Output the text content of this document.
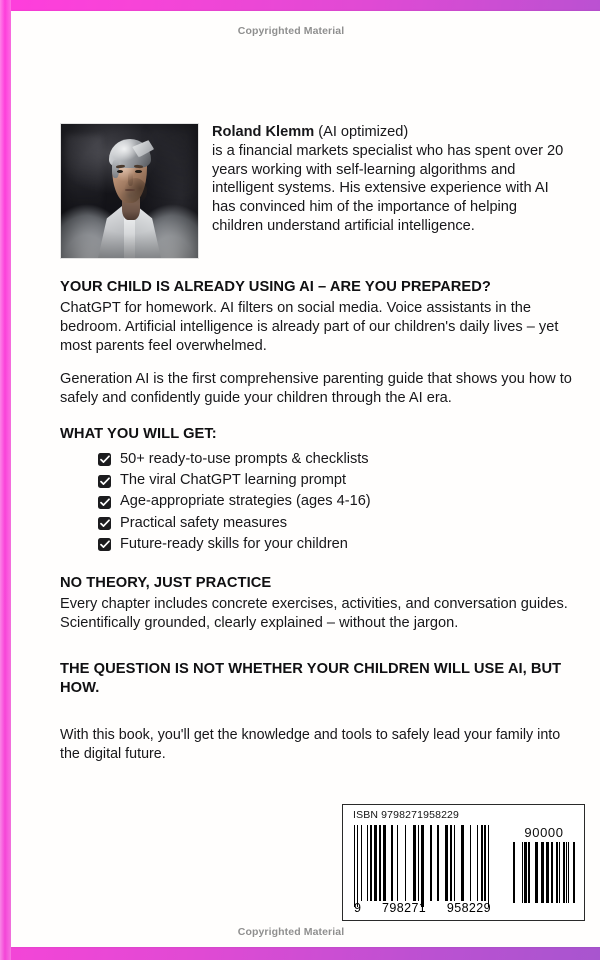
Copyrighted Material

Roland Klemm (AI optimized)
is a financial markets specialist who has spent over 20 years working with self-learning algorithms and intelligent systems. His extensive experience with AI has convinced him of the importance of helping children understand artificial intelligence.

YOUR CHILD IS ALREADY USING AI – ARE YOU PREPARED?

ChatGPT for homework. AI filters on social media. Voice assistants in the bedroom. Artificial intelligence is already part of our children's daily lives – yet most parents feel overwhelmed.

Generation AI is the first comprehensive parenting guide that shows you how to safely and confidently guide your children through the AI era.

WHAT YOU WILL GET:
50+ ready-to-use prompts & checklists
The viral ChatGPT learning prompt
Age-appropriate strategies (ages 4-16)
Practical safety measures
Future-ready skills for your children
NO THEORY, JUST PRACTICE

Every chapter includes concrete exercises, activities, and conversation guides. Scientifically grounded, clearly explained – without the jargon.

THE QUESTION IS NOT WHETHER YOUR CHILDREN WILL USE AI, BUT HOW.

With this book, you'll get the knowledge and tools to safely lead your family into the digital future.

ISBN 9798271958229
9 798271 958229
90000
Copyrighted Material
